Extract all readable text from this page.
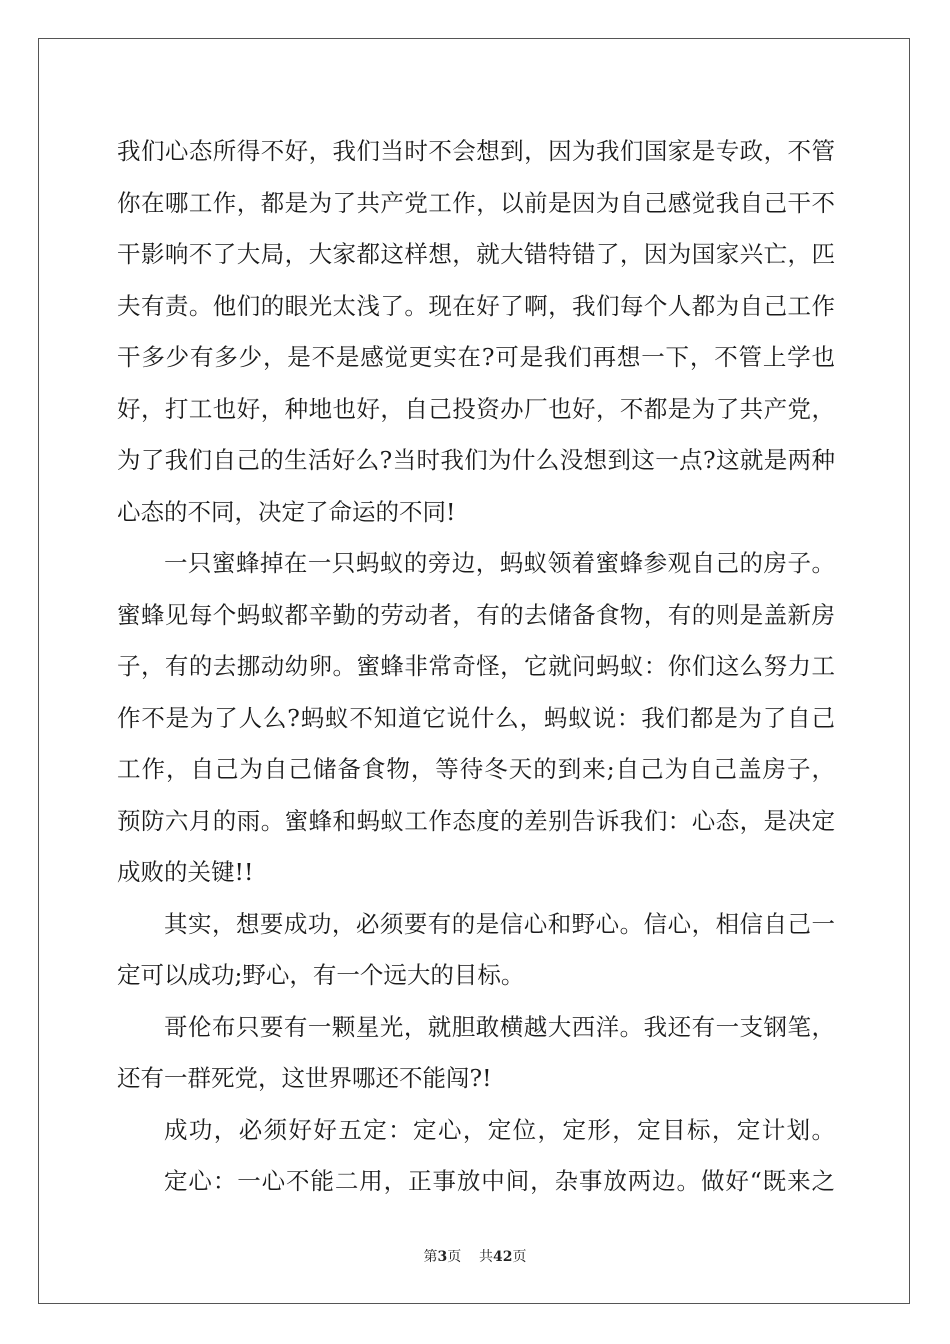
我们心态所得不好，我们当时不会想到，因为我们国家是专政，不管
你在哪工作，都是为了共产党工作，以前是因为自己感觉我自己干不
干影响不了大局，大家都这样想，就大错特错了，因为国家兴亡，匹
夫有责。他们的眼光太浅了。现在好了啊，我们每个人都为自己工作
干多少有多少，是不是感觉更实在?可是我们再想一下，不管上学也
好，打工也好，种地也好，自己投资办厂也好，不都是为了共产党，
为了我们自己的生活好么?当时我们为什么没想到这一点?这就是两种
心态的不同，决定了命运的不同!
一只蜜蜂掉在一只蚂蚁的旁边，蚂蚁领着蜜蜂参观自己的房子。
蜜蜂见每个蚂蚁都辛勤的劳动者，有的去储备食物，有的则是盖新房
子，有的去挪动幼卵。蜜蜂非常奇怪，它就问蚂蚁：你们这么努力工
作不是为了人么?蚂蚁不知道它说什么，蚂蚁说：我们都是为了自己
工作，自己为自己储备食物，等待冬天的到来;自己为自己盖房子，
预防六月的雨。蜜蜂和蚂蚁工作态度的差别告诉我们：心态，是决定
成败的关键!!
其实，想要成功，必须要有的是信心和野心。信心，相信自己一
定可以成功;野心，有一个远大的目标。
哥伦布只要有一颗星光，就胆敢横越大西洋。我还有一支钢笔，
还有一群死党，这世界哪还不能闯?!
成功，必须好好五定：定心，定位，定形，定目标，定计划。
定心：一心不能二用，正事放中间，杂事放两边。做好“既来之
第3页 共42页
